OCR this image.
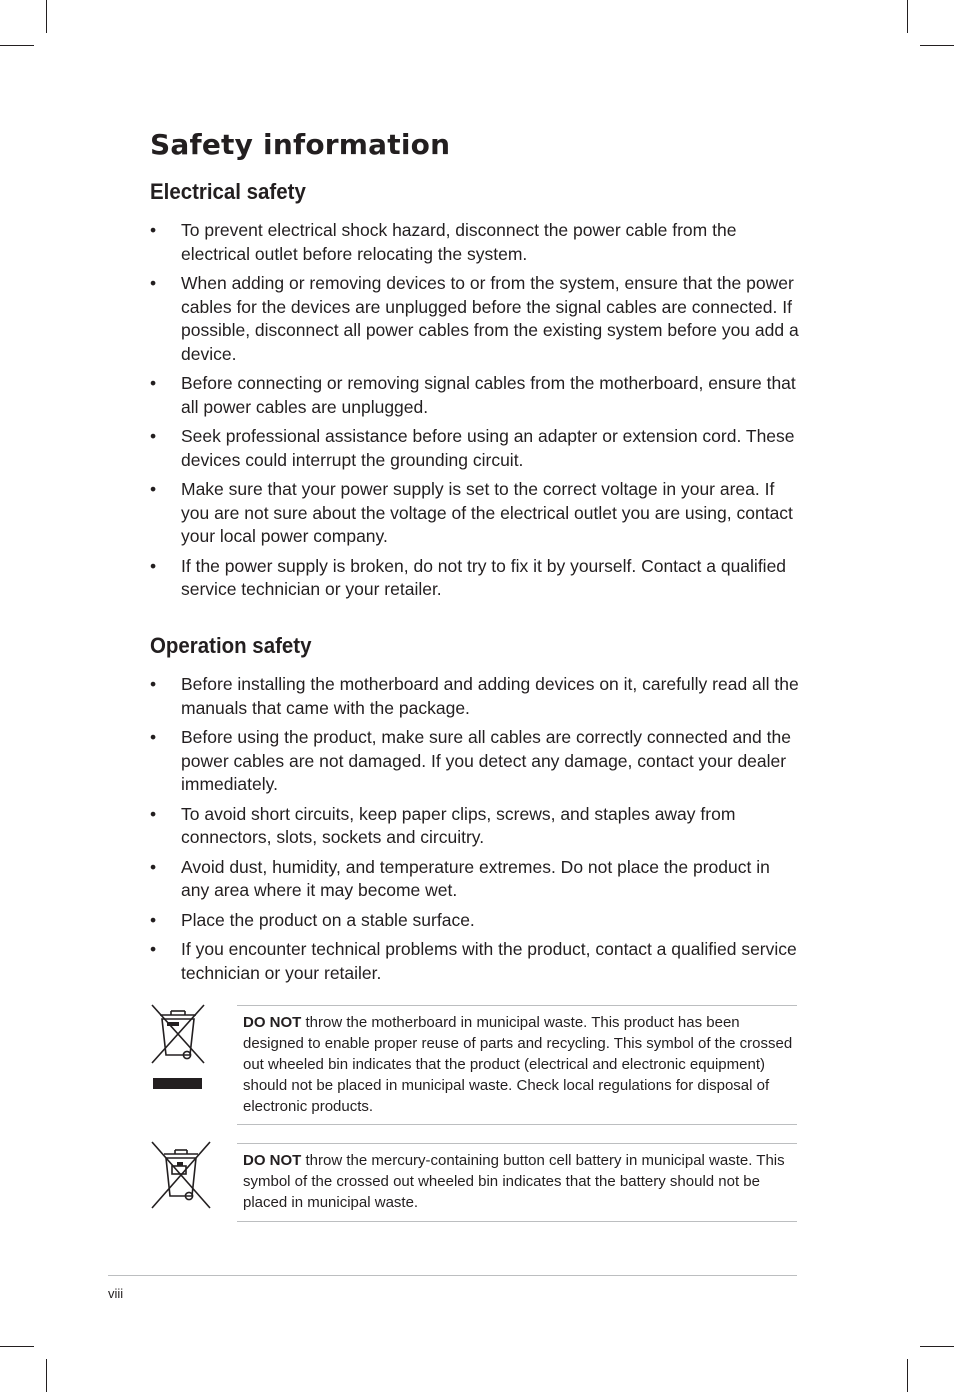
Safety information
Electrical safety
• To prevent electrical shock hazard, disconnect the power cable from the electrical outlet before relocating the system.
• When adding or removing devices to or from the system, ensure that the power cables for the devices are unplugged before the signal cables are connected. If possible, disconnect all power cables from the existing system before you add a device.
• Before connecting or removing signal cables from the motherboard, ensure that all power cables are unplugged.
• Seek professional assistance before using an adapter or extension cord. These devices could interrupt the grounding circuit.
• Make sure that your power supply is set to the correct voltage in your area. If you are not sure about the voltage of the electrical outlet you are using, contact your local power company.
• If the power supply is broken, do not try to fix it by yourself. Contact a qualified service technician or your retailer.
Operation safety
• Before installing the motherboard and adding devices on it, carefully read all the manuals that came with the package.
• Before using the product, make sure all cables are correctly connected and the power cables are not damaged. If you detect any damage, contact your dealer immediately.
• To avoid short circuits, keep paper clips, screws, and staples away from connectors, slots, sockets and circuitry.
• Avoid dust, humidity, and temperature extremes. Do not place the product in any area where it may become wet.
• Place the product on a stable surface.
• If you encounter technical problems with the product, contact a qualified service technician or your retailer.

DO NOT throw the motherboard in municipal waste. This product has been designed to enable proper reuse of parts and recycling. This symbol of the crossed out wheeled bin indicates that the product (electrical and electronic equipment) should not be placed in municipal waste. Check local regulations for disposal of electronic products.

DO NOT throw the mercury-containing button cell battery in municipal waste. This symbol of the crossed out wheeled bin indicates that the battery should not be placed in municipal waste.

viii
